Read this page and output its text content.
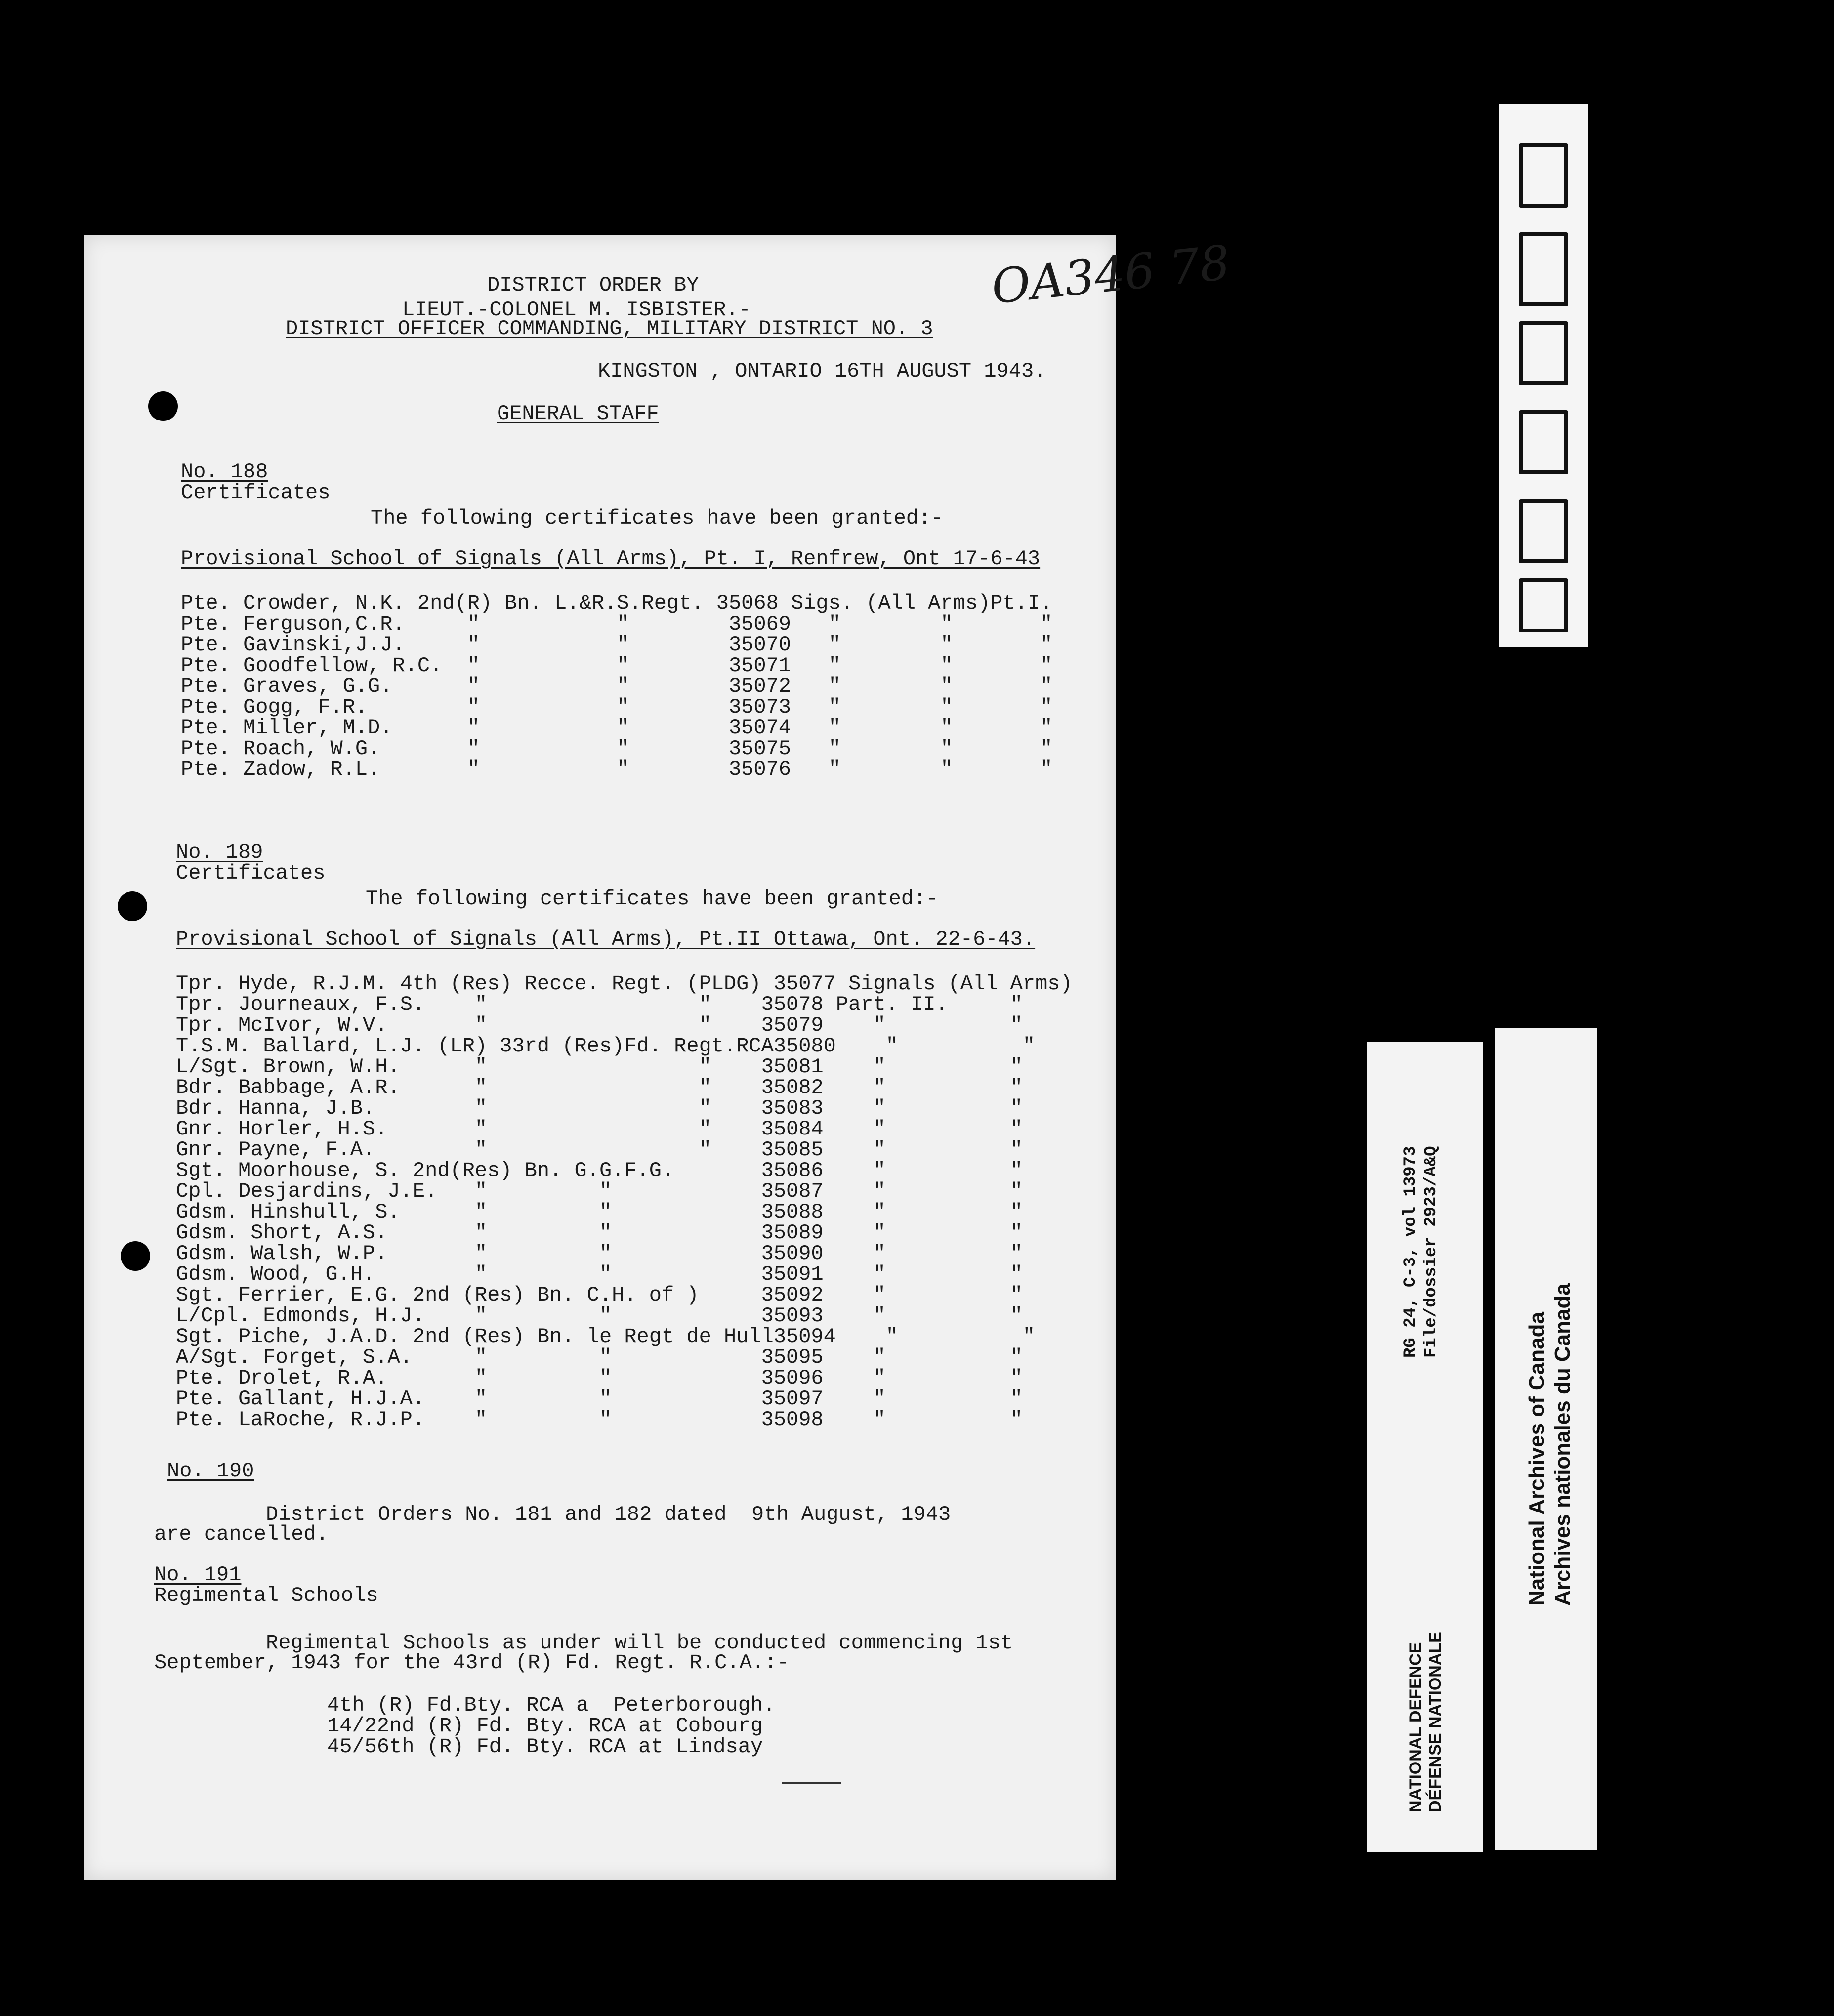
RG 24, C-3, vol 13973 File/dossier 2923/A&Q
NATIONAL DEFENCE DÉFENSE NATIONALE
National Archives of Canada Archives nationales du Canada
OA346 78
DISTRICT ORDER BY
LIEUT.-COLONEL M. ISBISTER.-
DISTRICT OFFICER COMMANDING, MILITARY DISTRICT NO. 3
KINGSTON , ONTARIO 16TH AUGUST 1943.
GENERAL STAFF
No. 188
Certificates
The following certificates have been granted:-
Provisional School of Signals (All Arms), Pt. I, Renfrew, Ont 17-6-43
Pte. Crowder, N.K. 2nd(R) Bn. L.&R.S.Regt. 35068 Sigs. (All Arms)Pt.I.
Pte. Ferguson,C.R.     "           "        35069   "        "       "
Pte. Gavinski,J.J.     "           "        35070   "        "       "
Pte. Goodfellow, R.C.  "           "        35071   "        "       "
Pte. Graves, G.G.      "           "        35072   "        "       "
Pte. Gogg, F.R.        "           "        35073   "        "       "
Pte. Miller, M.D.      "           "        35074   "        "       "
Pte. Roach, W.G.       "           "        35075   "        "       "
Pte. Zadow, R.L.       "           "        35076   "        "       "
No. 189
Certificates
The following certificates have been granted:-
Provisional School of Signals (All Arms), Pt.II Ottawa, Ont. 22-6-43.
Tpr. Hyde, R.J.M. 4th (Res) Recce. Regt. (PLDG) 35077 Signals (All Arms)
Tpr. Journeaux, F.S.    "                 "    35078 Part. II.     "
Tpr. McIvor, W.V.       "                 "    35079    "          "
T.S.M. Ballard, L.J. (LR) 33rd (Res)Fd. Regt.RCA35080    "          "
L/Sgt. Brown, W.H.      "                 "    35081    "          "
Bdr. Babbage, A.R.      "                 "    35082    "          "
Bdr. Hanna, J.B.        "                 "    35083    "          "
Gnr. Horler, H.S.       "                 "    35084    "          "
Gnr. Payne, F.A.        "                 "    35085    "          "
Sgt. Moorhouse, S. 2nd(Res) Bn. G.G.F.G.       35086    "          "
Cpl. Desjardins, J.E.   "         "            35087    "          "
Gdsm. Hinshull, S.      "         "            35088    "          "
Gdsm. Short, A.S.       "         "            35089    "          "
Gdsm. Walsh, W.P.       "         "            35090    "          "
Gdsm. Wood, G.H.        "         "            35091    "          "
Sgt. Ferrier, E.G. 2nd (Res) Bn. C.H. of )     35092    "          "
L/Cpl. Edmonds, H.J.    "         "            35093    "          "
Sgt. Piche, J.A.D. 2nd (Res) Bn. le Regt de Hull35094    "          "
A/Sgt. Forget, S.A.     "         "            35095    "          "
Pte. Drolet, R.A.       "         "            35096    "          "
Pte. Gallant, H.J.A.    "         "            35097    "          "
Pte. LaRoche, R.J.P.    "         "            35098    "          "
No. 190
District Orders No. 181 and 182 dated  9th August, 1943
are cancelled.
No. 191
Regimental Schools
Regimental Schools as under will be conducted commencing 1st
September, 1943 for the 43rd (R) Fd. Regt. R.C.A.:-
4th (R) Fd.Bty. RCA a  Peterborough.
14/22nd (R) Fd. Bty. RCA at Cobourg
45/56th (R) Fd. Bty. RCA at Lindsay
